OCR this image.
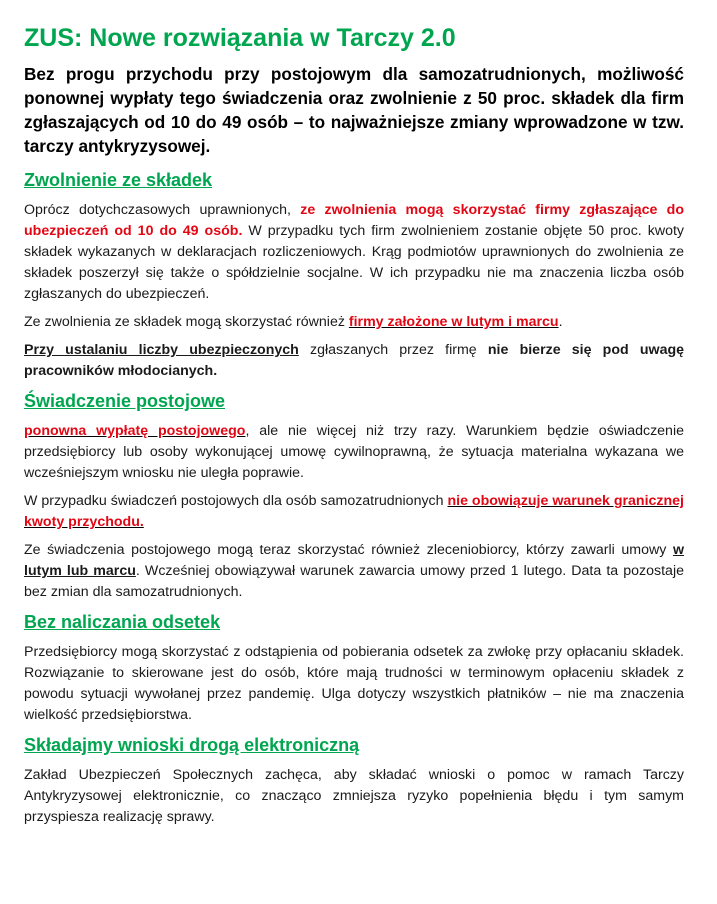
ZUS: Nowe rozwiązania w Tarczy 2.0

Bez progu przychodu przy postojowym dla samozatrudnionych, możliwość ponownej wypłaty tego świadczenia oraz zwolnienie z 50 proc. składek dla firm zgłaszających od 10 do 49 osób – to najważniejsze zmiany wprowadzone w tzw. tarczy antykryzysowej.

Zwolnienie ze składek

Oprócz dotychczasowych uprawnionych, ze zwolnienia mogą skorzystać firmy zgłaszające do ubezpieczeń od 10 do 49 osób. W przypadku tych firm zwolnieniem zostanie objęte 50 proc. kwoty składek wykazanych w deklaracjach rozliczeniowych. Krąg podmiotów uprawnionych do zwolnienia ze składek poszerzył się także o spółdzielnie socjalne. W ich przypadku nie ma znaczenia liczba osób zgłaszanych do ubezpieczeń.

Ze zwolnienia ze składek mogą skorzystać również firmy założone w lutym i marcu.

Przy ustalaniu liczby ubezpieczonych zgłaszanych przez firmę nie bierze się pod uwagę pracowników młodocianych.

Świadczenie postojowe

ponowna wypłatę postojowego, ale nie więcej niż trzy razy. Warunkiem będzie oświadczenie przedsiębiorcy lub osoby wykonującej umowę cywilnoprawną, że sytuacja materialna wykazana we wcześniejszym wniosku nie uległa poprawie.

W przypadku świadczeń postojowych dla osób samozatrudnionych nie obowiązuje warunek granicznej kwoty przychodu.

Ze świadczenia postojowego mogą teraz skorzystać również zleceniobiorcy, którzy zawarli umowy w lutym lub marcu. Wcześniej obowiązywał warunek zawarcia umowy przed 1 lutego. Data ta pozostaje bez zmian dla samozatrudnionych.

Bez naliczania odsetek

Przedsiębiorcy mogą skorzystać z odstąpienia od pobierania odsetek za zwłokę przy opłacaniu składek. Rozwiązanie to skierowane jest do osób, które mają trudności w terminowym opłaceniu składek z powodu sytuacji wywołanej przez pandemię. Ulga dotyczy wszystkich płatników – nie ma znaczenia wielkość przedsiębiorstwa.

Składajmy wnioski drogą elektroniczną

Zakład Ubezpieczeń Społecznych zachęca, aby składać wnioski o pomoc w ramach Tarczy Antykryzysowej elektronicznie, co znacząco zmniejsza ryzyko popełnienia błędu i tym samym przyspiesza realizację sprawy.
